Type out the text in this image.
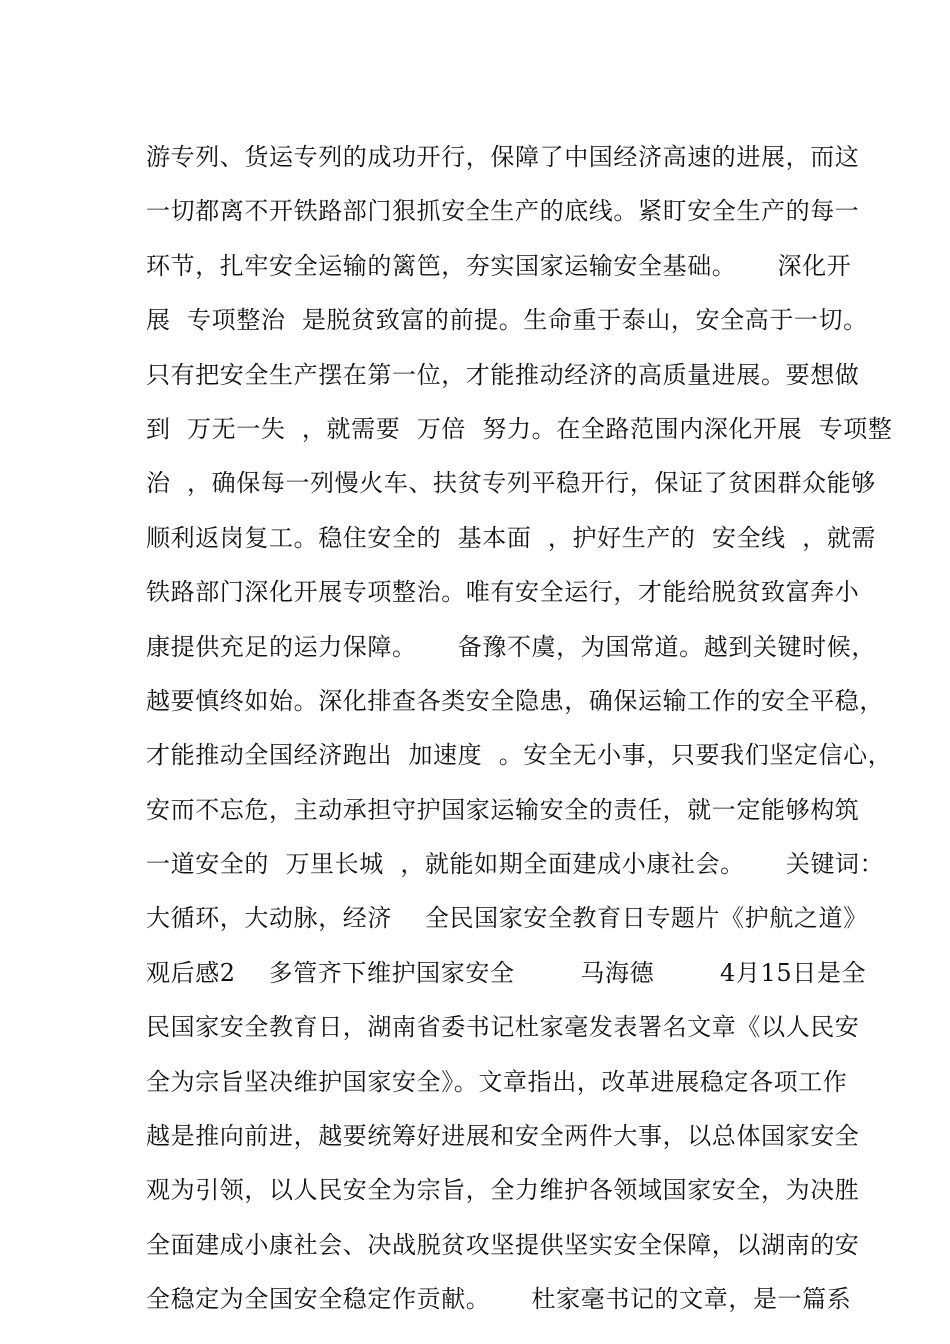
游专列、货运专列的成功开行，保障了中国经济高速的进展，而这
一切都离不开铁路部门狠抓安全生产的底线。紧盯安全生产的每一
环节，扎牢安全运输的篱笆，夯实国家运输安全基础。     深化开
展  专项整治  是脱贫致富的前提。生命重于泰山，安全高于一切。
只有把安全生产摆在第一位，才能推动经济的高质量进展。要想做
到  万无一失  ，就需要  万倍  努力。在全路范围内深化开展  专项整
治  ，确保每一列慢火车、扶贫专列平稳开行，保证了贫困群众能够
顺利返岗复工。稳住安全的  基本面  ，护好生产的  安全线  ，就需
铁路部门深化开展专项整治。唯有安全运行，才能给脱贫致富奔小
康提供充足的运力保障。     备豫不虞，为国常道。越到关键时候，
越要慎终如始。深化排查各类安全隐患，确保运输工作的安全平稳，
才能推动全国经济跑出  加速度  。安全无小事，只要我们坚定信心，
安而不忘危，主动承担守护国家运输安全的责任，就一定能够构筑
一道安全的  万里长城  ，就能如期全面建成小康社会。     关键词：
大循环，大动脉，经济    全民国家安全教育日专题片《护航之道》
观后感2    多管齐下维护国家安全        马海德        4月15日是全
民国家安全教育日，湖南省委书记杜家毫发表署名文章《以人民安
全为宗旨坚决维护国家安全》。文章指出，改革进展稳定各项工作
越是推向前进，越要统筹好进展和安全两件大事，以总体国家安全
观为引领，以人民安全为宗旨，全力维护各领域国家安全，为决胜
全面建成小康社会、决战脱贫攻坚提供坚实安全保障，以湖南的安
全稳定为全国安全稳定作贡献。     杜家毫书记的文章，是一篇系
